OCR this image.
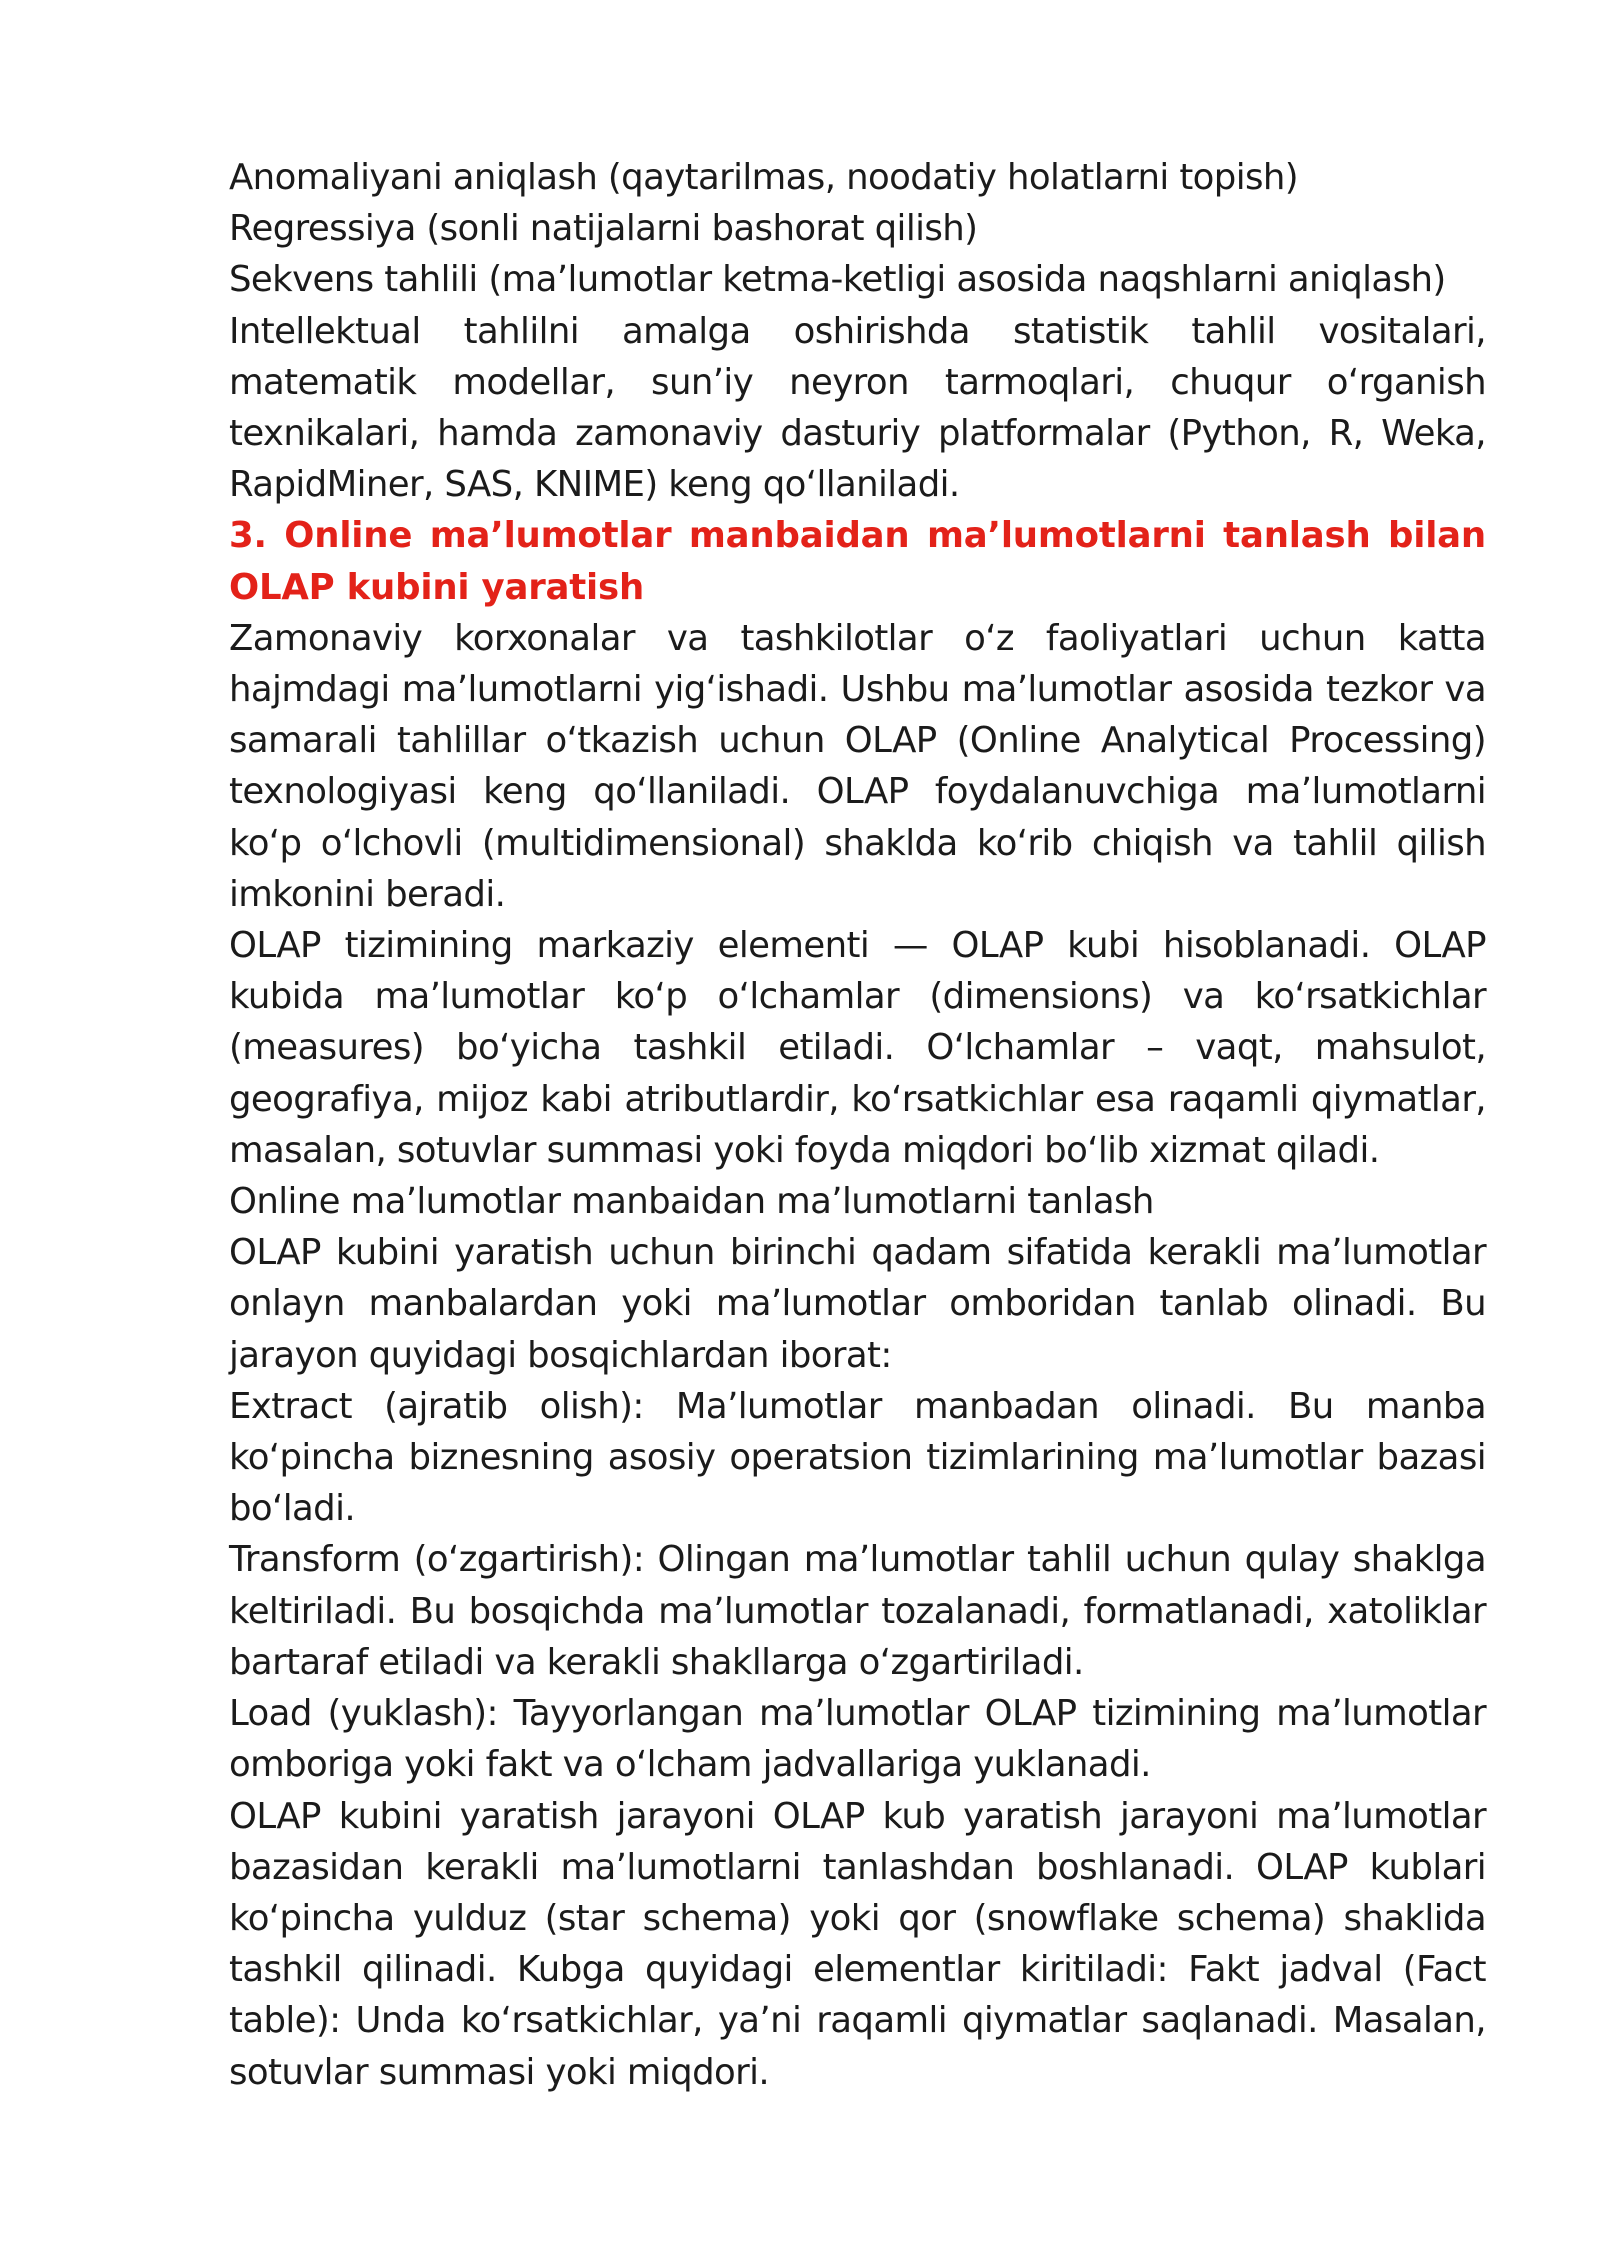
Anomaliyani aniqlash (qaytarilmas, noodatiy holatlarni topish)

Regressiya (sonli natijalarni bashorat qilish)

Sekvens tahlili (ma’lumotlar ketma-ketligi asosida naqshlarni aniqlash)

Intellektual tahlilni amalga oshirishda statistik tahlil vositalari, matematik modellar, sun’iy neyron tarmoqlari, chuqur o‘rganish texnikalari, hamda zamonaviy dasturiy platformalar (Python, R, Weka, RapidMiner, SAS, KNIME) keng qo‘llaniladi.

3. Online ma’lumotlar manbaidan ma’lumotlarni tanlash bilan OLAP kubini yaratish

Zamonaviy korxonalar va tashkilotlar o‘z faoliyatlari uchun katta hajmdagi ma’lumotlarni yig‘ishadi. Ushbu ma’lumotlar asosida tezkor va samarali tahlillar o‘tkazish uchun OLAP (Online Analytical Processing) texnologiyasi keng qo‘llaniladi. OLAP foydalanuvchiga ma’lumotlarni ko‘p o‘lchovli (multidimensional) shaklda ko‘rib chiqish va tahlil qilish imkonini beradi.

OLAP tizimining markaziy elementi — OLAP kubi hisoblanadi. OLAP kubida ma’lumotlar ko‘p o‘lchamlar (dimensions) va ko‘rsatkichlar (measures) bo‘yicha tashkil etiladi. O‘lchamlar – vaqt, mahsulot, geografiya, mijoz kabi atributlardir, ko‘rsatkichlar esa raqamli qiymatlar, masalan, sotuvlar summasi yoki foyda miqdori bo‘lib xizmat qiladi.

Online ma’lumotlar manbaidan ma’lumotlarni tanlash

OLAP kubini yaratish uchun birinchi qadam sifatida kerakli ma’lumotlar onlayn manbalardan yoki ma’lumotlar omboridan tanlab olinadi. Bu jarayon quyidagi bosqichlardan iborat:

Extract (ajratib olish): Ma’lumotlar manbadan olinadi. Bu manba ko‘pincha biznesning asosiy operatsion tizimlarining ma’lumotlar bazasi bo‘ladi.

Transform (o‘zgartirish): Olingan ma’lumotlar tahlil uchun qulay shaklga keltiriladi. Bu bosqichda ma’lumotlar tozalanadi, formatlanadi, xatoliklar bartaraf etiladi va kerakli shakllarga o‘zgartiriladi.

Load (yuklash): Tayyorlangan ma’lumotlar OLAP tizimining ma’lumotlar omboriga yoki fakt va o‘lcham jadvallariga yuklanadi.

OLAP kubini yaratish jarayoni OLAP kub yaratish jarayoni ma’lumotlar bazasidan kerakli ma’lumotlarni tanlashdan boshlanadi. OLAP kublari ko‘pincha yulduz (star schema) yoki qor (snowflake schema) shaklida tashkil qilinadi. Kubga quyidagi elementlar kiritiladi: Fakt jadval (Fact table): Unda ko‘rsatkichlar, ya’ni raqamli qiymatlar saqlanadi. Masalan, sotuvlar summasi yoki miqdori.
